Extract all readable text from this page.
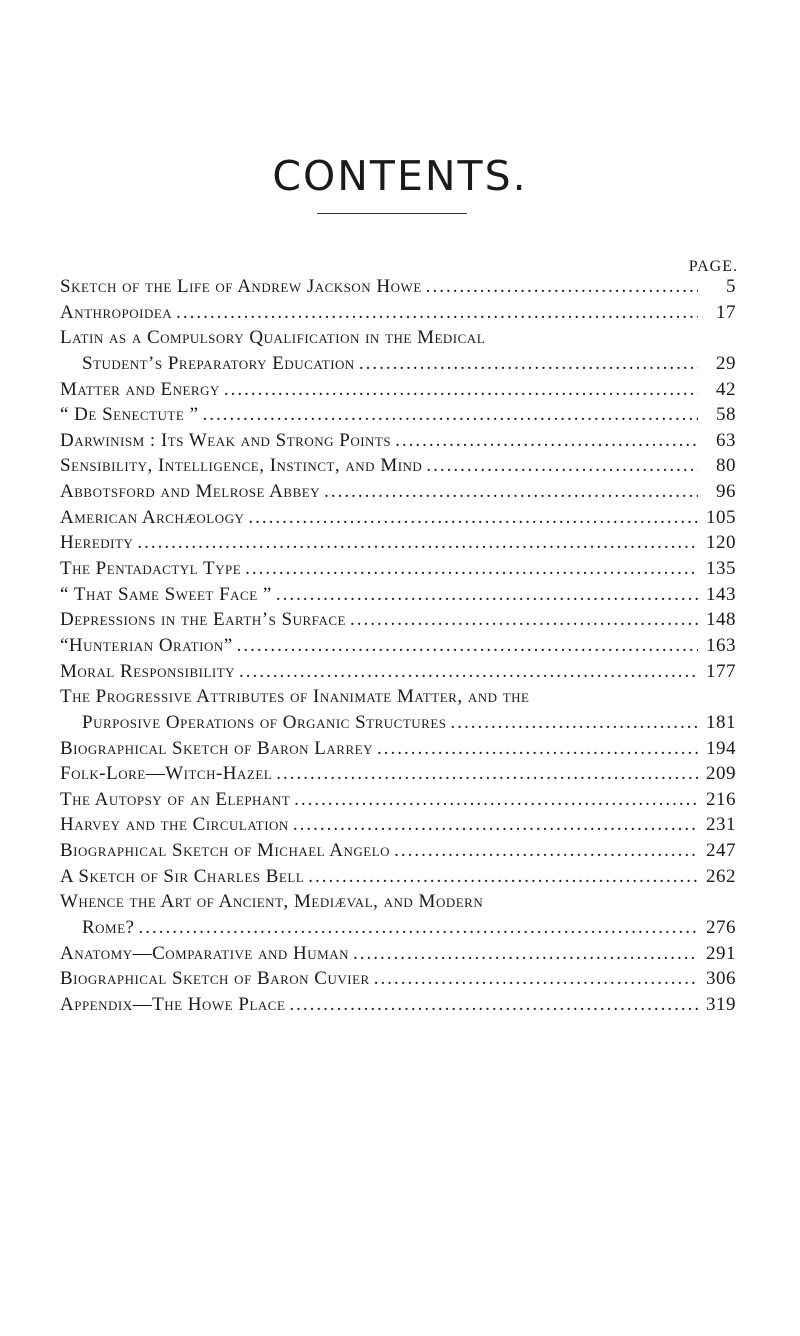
CONTENTS.
PAGE.
Sketch of the Life of Andrew Jackson Howe .....	5
Anthropoidea .....	17
Latin as a Compulsory Qualification in the Medical
Student’s Preparatory Education .....	29
Matter and Energy .....	42
“ De Senectute ” .....	58
Darwinism : Its Weak and Strong Points .....	63
Sensibility, Intelligence, Instinct, and Mind .....	80
Abbotsford and Melrose Abbey .....	96
American Archæology .....	105
Heredity .....	120
The Pentadactyl Type .....	135
“ That Same Sweet Face ” .....	143
Depressions in the Earth’s Surface .....	148
“Hunterian Oration” .....	163
Moral Responsibility .....	177
The Progressive Attributes of Inanimate Matter, and the
Purposive Operations of Organic Structures .....	181
Biographical Sketch of Baron Larrey .....	194
Folk-Lore—Witch-Hazel .....	209
The Autopsy of an Elephant .....	216
Harvey and the Circulation .....	231
Biographical Sketch of Michael Angelo .....	247
A Sketch of Sir Charles Bell .....	262
Whence the Art of Ancient, Mediæval, and Modern
Rome? .....	276
Anatomy—Comparative and Human .....	291
Biographical Sketch of Baron Cuvier .....	306
Appendix—The Howe Place .....	319
